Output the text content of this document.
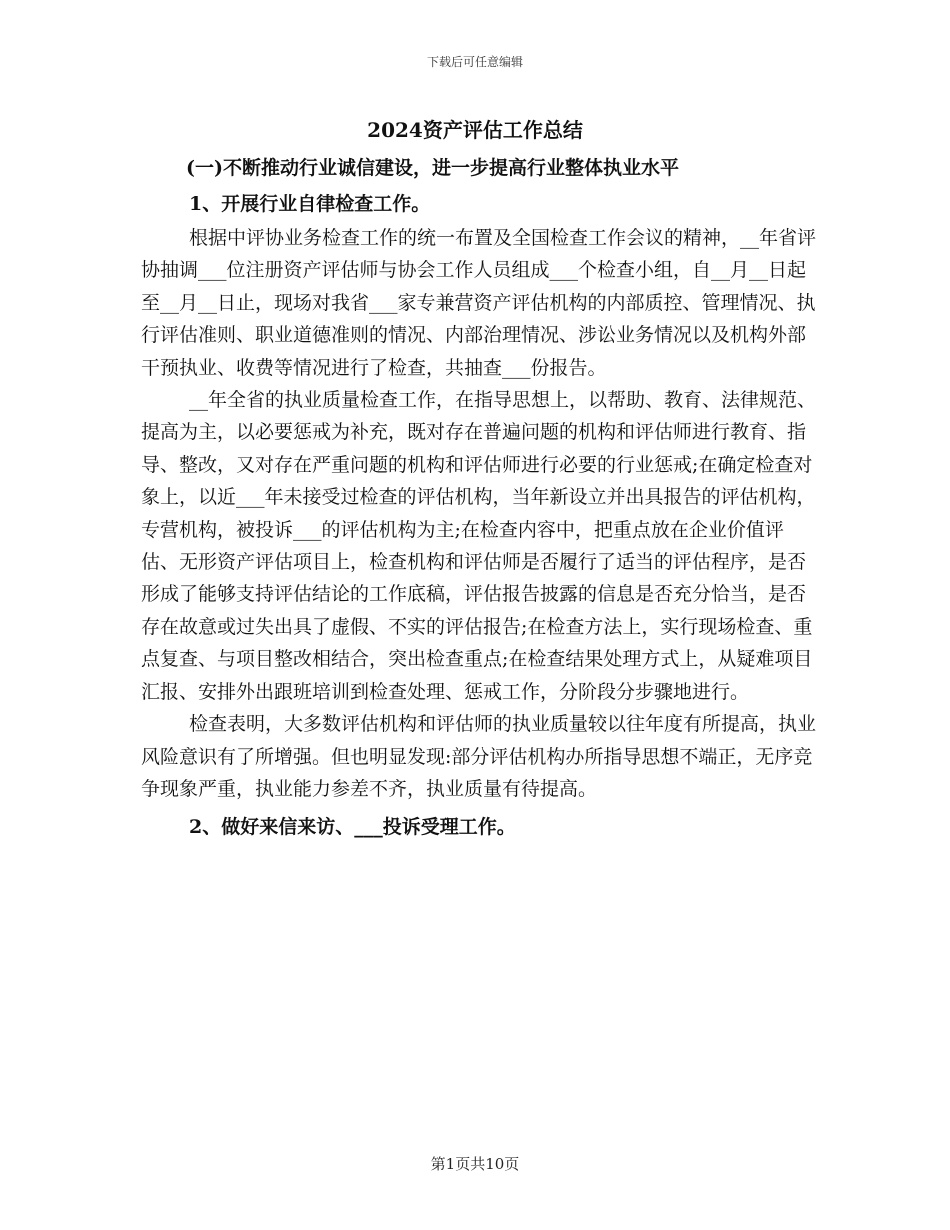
下载后可任意编辑
2024资产评估工作总结
(一)不断推动行业诚信建设，进一步提高行业整体执业水平
1、开展行业自律检查工作。

根据中评协业务检查工作的统一布置及全国检查工作会议的精神，__年省评协抽调___位注册资产评估师与协会工作人员组成___个检查小组，自__月__日起至__月__日止，现场对我省___家专兼营资产评估机构的内部质控、管理情况、执行评估准则、职业道德准则的情况、内部治理情况、涉讼业务情况以及机构外部干预执业、收费等情况进行了检查，共抽查___份报告。

__年全省的执业质量检查工作，在指导思想上，以帮助、教育、法律规范、提高为主，以必要惩戒为补充，既对存在普遍问题的机构和评估师进行教育、指导、整改，又对存在严重问题的机构和评估师进行必要的行业惩戒;在确定检查对象上，以近___年未接受过检查的评估机构，当年新设立并出具报告的评估机构，专营机构，被投诉___的评估机构为主;在检查内容中，把重点放在企业价值评估、无形资产评估项目上，检查机构和评估师是否履行了适当的评估程序，是否形成了能够支持评估结论的工作底稿，评估报告披露的信息是否充分恰当，是否存在故意或过失出具了虚假、不实的评估报告;在检查方法上，实行现场检查、重点复查、与项目整改相结合，突出检查重点;在检查结果处理方式上，从疑难项目汇报、安排外出跟班培训到检查处理、惩戒工作，分阶段分步骤地进行。

检查表明，大多数评估机构和评估师的执业质量较以往年度有所提高，执业风险意识有了所增强。但也明显发现:部分评估机构办所指导思想不端正，无序竞争现象严重，执业能力参差不齐，执业质量有待提高。

2、做好来信来访、___投诉受理工作。
第1页共10页
